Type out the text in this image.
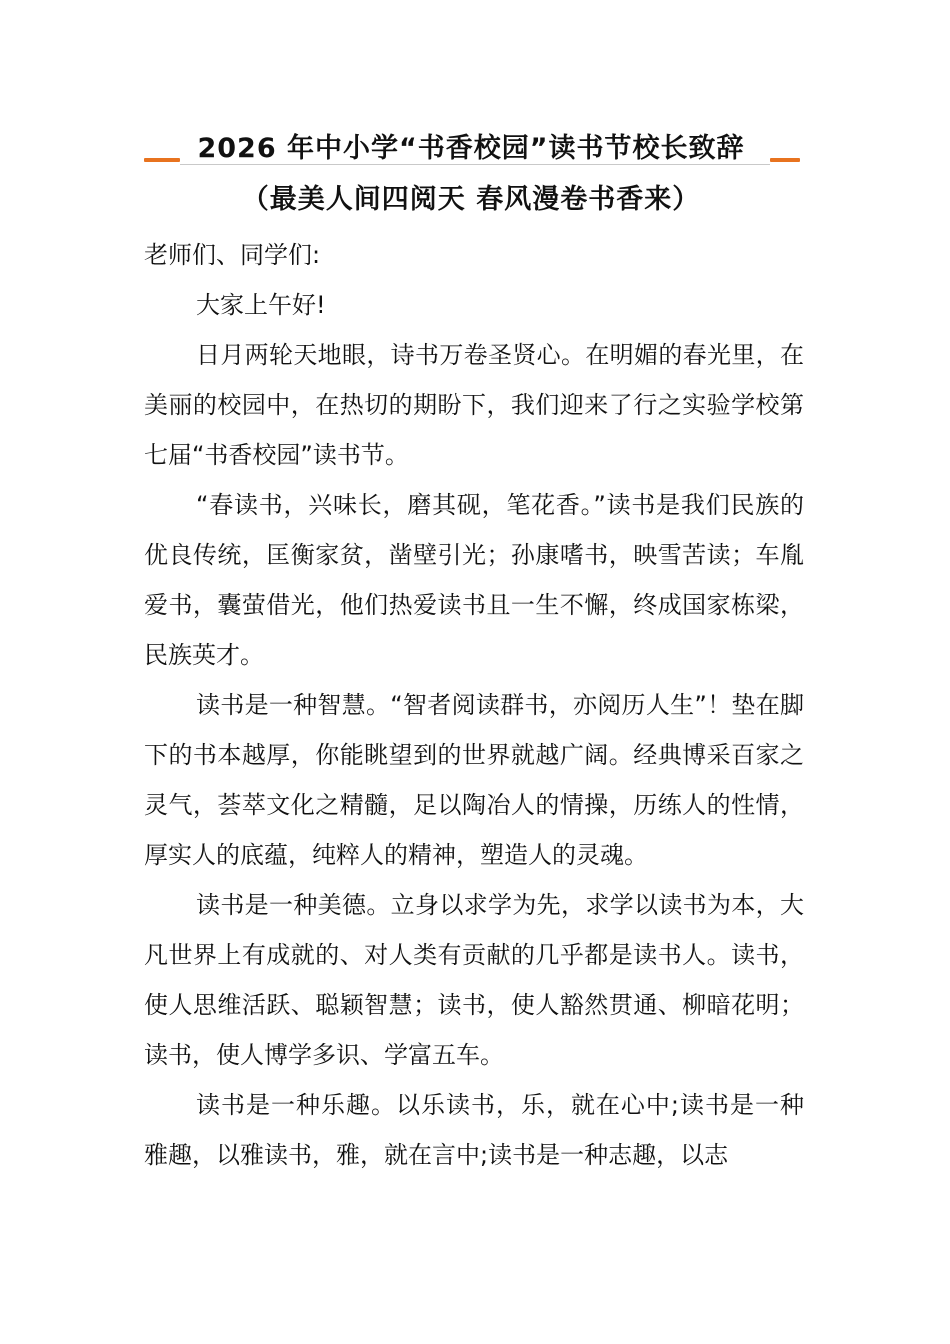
2026 年中小学“书香校园”读书节校长致辞
（最美人间四阅天 春风漫卷书香来）

老师们、同学们:

大家上午好!

日月两轮天地眼，诗书万卷圣贤心。在明媚的春光里，在美丽的校园中，在热切的期盼下，我们迎来了行之实验学校第七届“书香校园”读书节。

“春读书，兴味长，磨其砚，笔花香。”读书是我们民族的优良传统，匡衡家贫，凿壁引光；孙康嗜书，映雪苦读；车胤爱书，囊萤借光，他们热爱读书且一生不懈，终成国家栋梁，民族英才。

读书是一种智慧。“智者阅读群书，亦阅历人生”！垫在脚下的书本越厚，你能眺望到的世界就越广阔。经典博采百家之灵气，荟萃文化之精髓，足以陶冶人的情操，历练人的性情，厚实人的底蕴，纯粹人的精神，塑造人的灵魂。

读书是一种美德。立身以求学为先，求学以读书为本，大凡世界上有成就的、对人类有贡献的几乎都是读书人。读书，使人思维活跃、聪颖智慧；读书，使人豁然贯通、柳暗花明；读书，使人博学多识、学富五车。

读书是一种乐趣。以乐读书，乐，就在心中;读书是一种雅趣，以雅读书，雅，就在言中;读书是一种志趣，以志
